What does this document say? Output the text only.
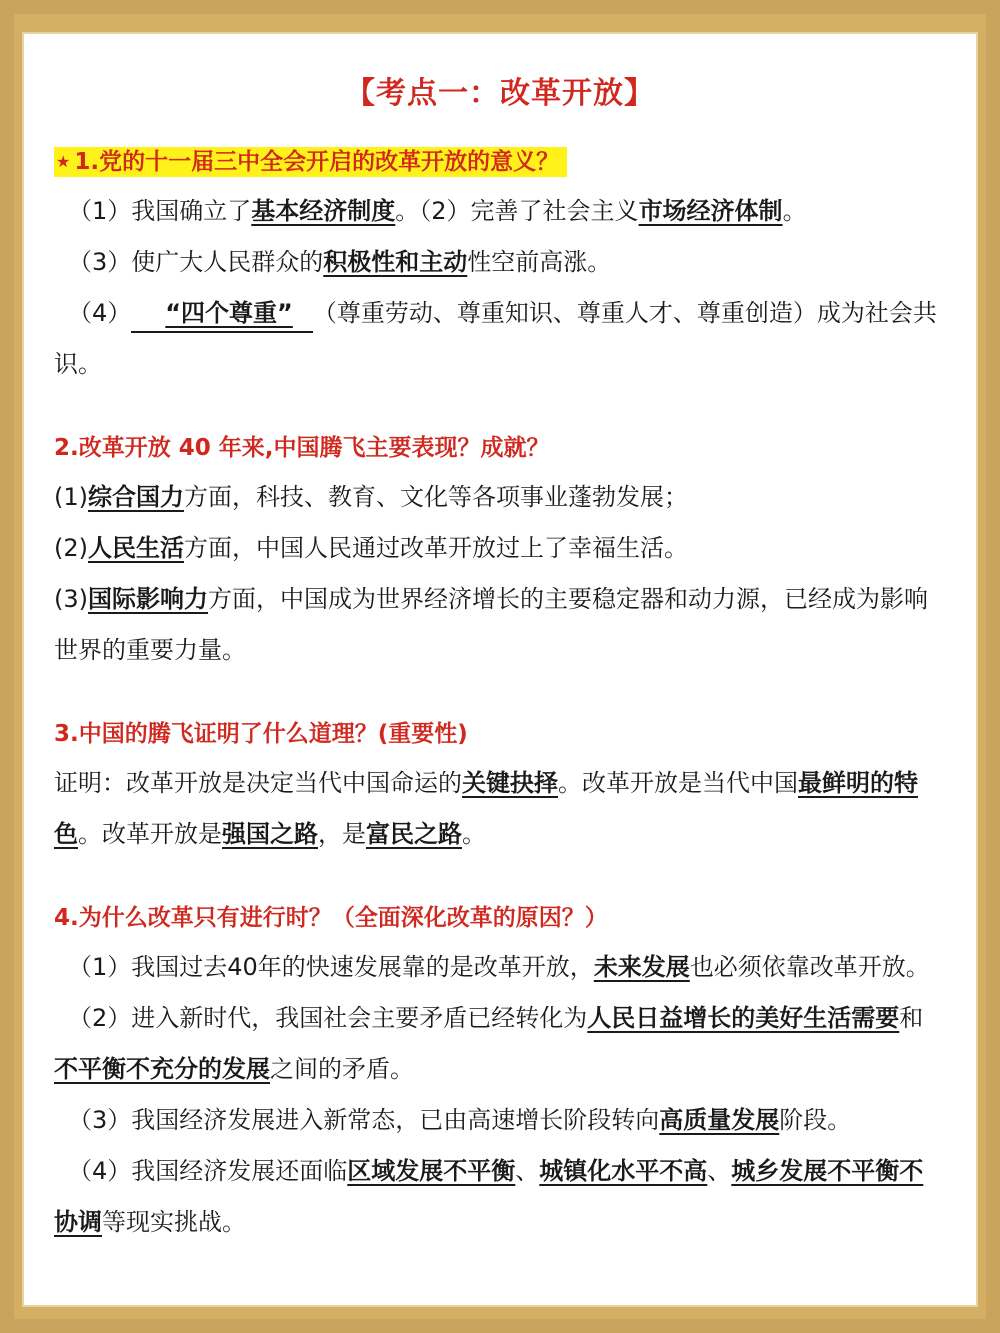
【考点一：改革开放】
★ 1.党的十一届三中全会开启的改革开放的意义？

（1）我国确立了基本经济制度。（2）完善了社会主义市场经济体制。

（3）使广大人民群众的积极性和主动性空前高涨。

（4） “四个尊重” （尊重劳动、尊重知识、尊重人才、尊重创造）成为社会共识。

2.改革开放 40 年来,中国腾飞主要表现？成就？

(1)综合国力方面，科技、教育、文化等各项事业蓬勃发展；

(2)人民生活方面，中国人民通过改革开放过上了幸福生活。

(3)国际影响力方面，中国成为世界经济增长的主要稳定器和动力源，已经成为影响世界的重要力量。

3.中国的腾飞证明了什么道理？(重要性)

证明：改革开放是决定当代中国命运的关键抉择。改革开放是当代中国最鲜明的特色。改革开放是强国之路，是富民之路。

4.为什么改革只有进行时？（全面深化改革的原因？）

（1）我国过去40年的快速发展靠的是改革开放，未来发展也必须依靠改革开放。

（2）进入新时代，我国社会主要矛盾已经转化为人民日益增长的美好生活需要和不平衡不充分的发展之间的矛盾。

（3）我国经济发展进入新常态，已由高速增长阶段转向高质量发展阶段。

（4）我国经济发展还面临区域发展不平衡、城镇化水平不高、城乡发展不平衡不协调等现实挑战。
